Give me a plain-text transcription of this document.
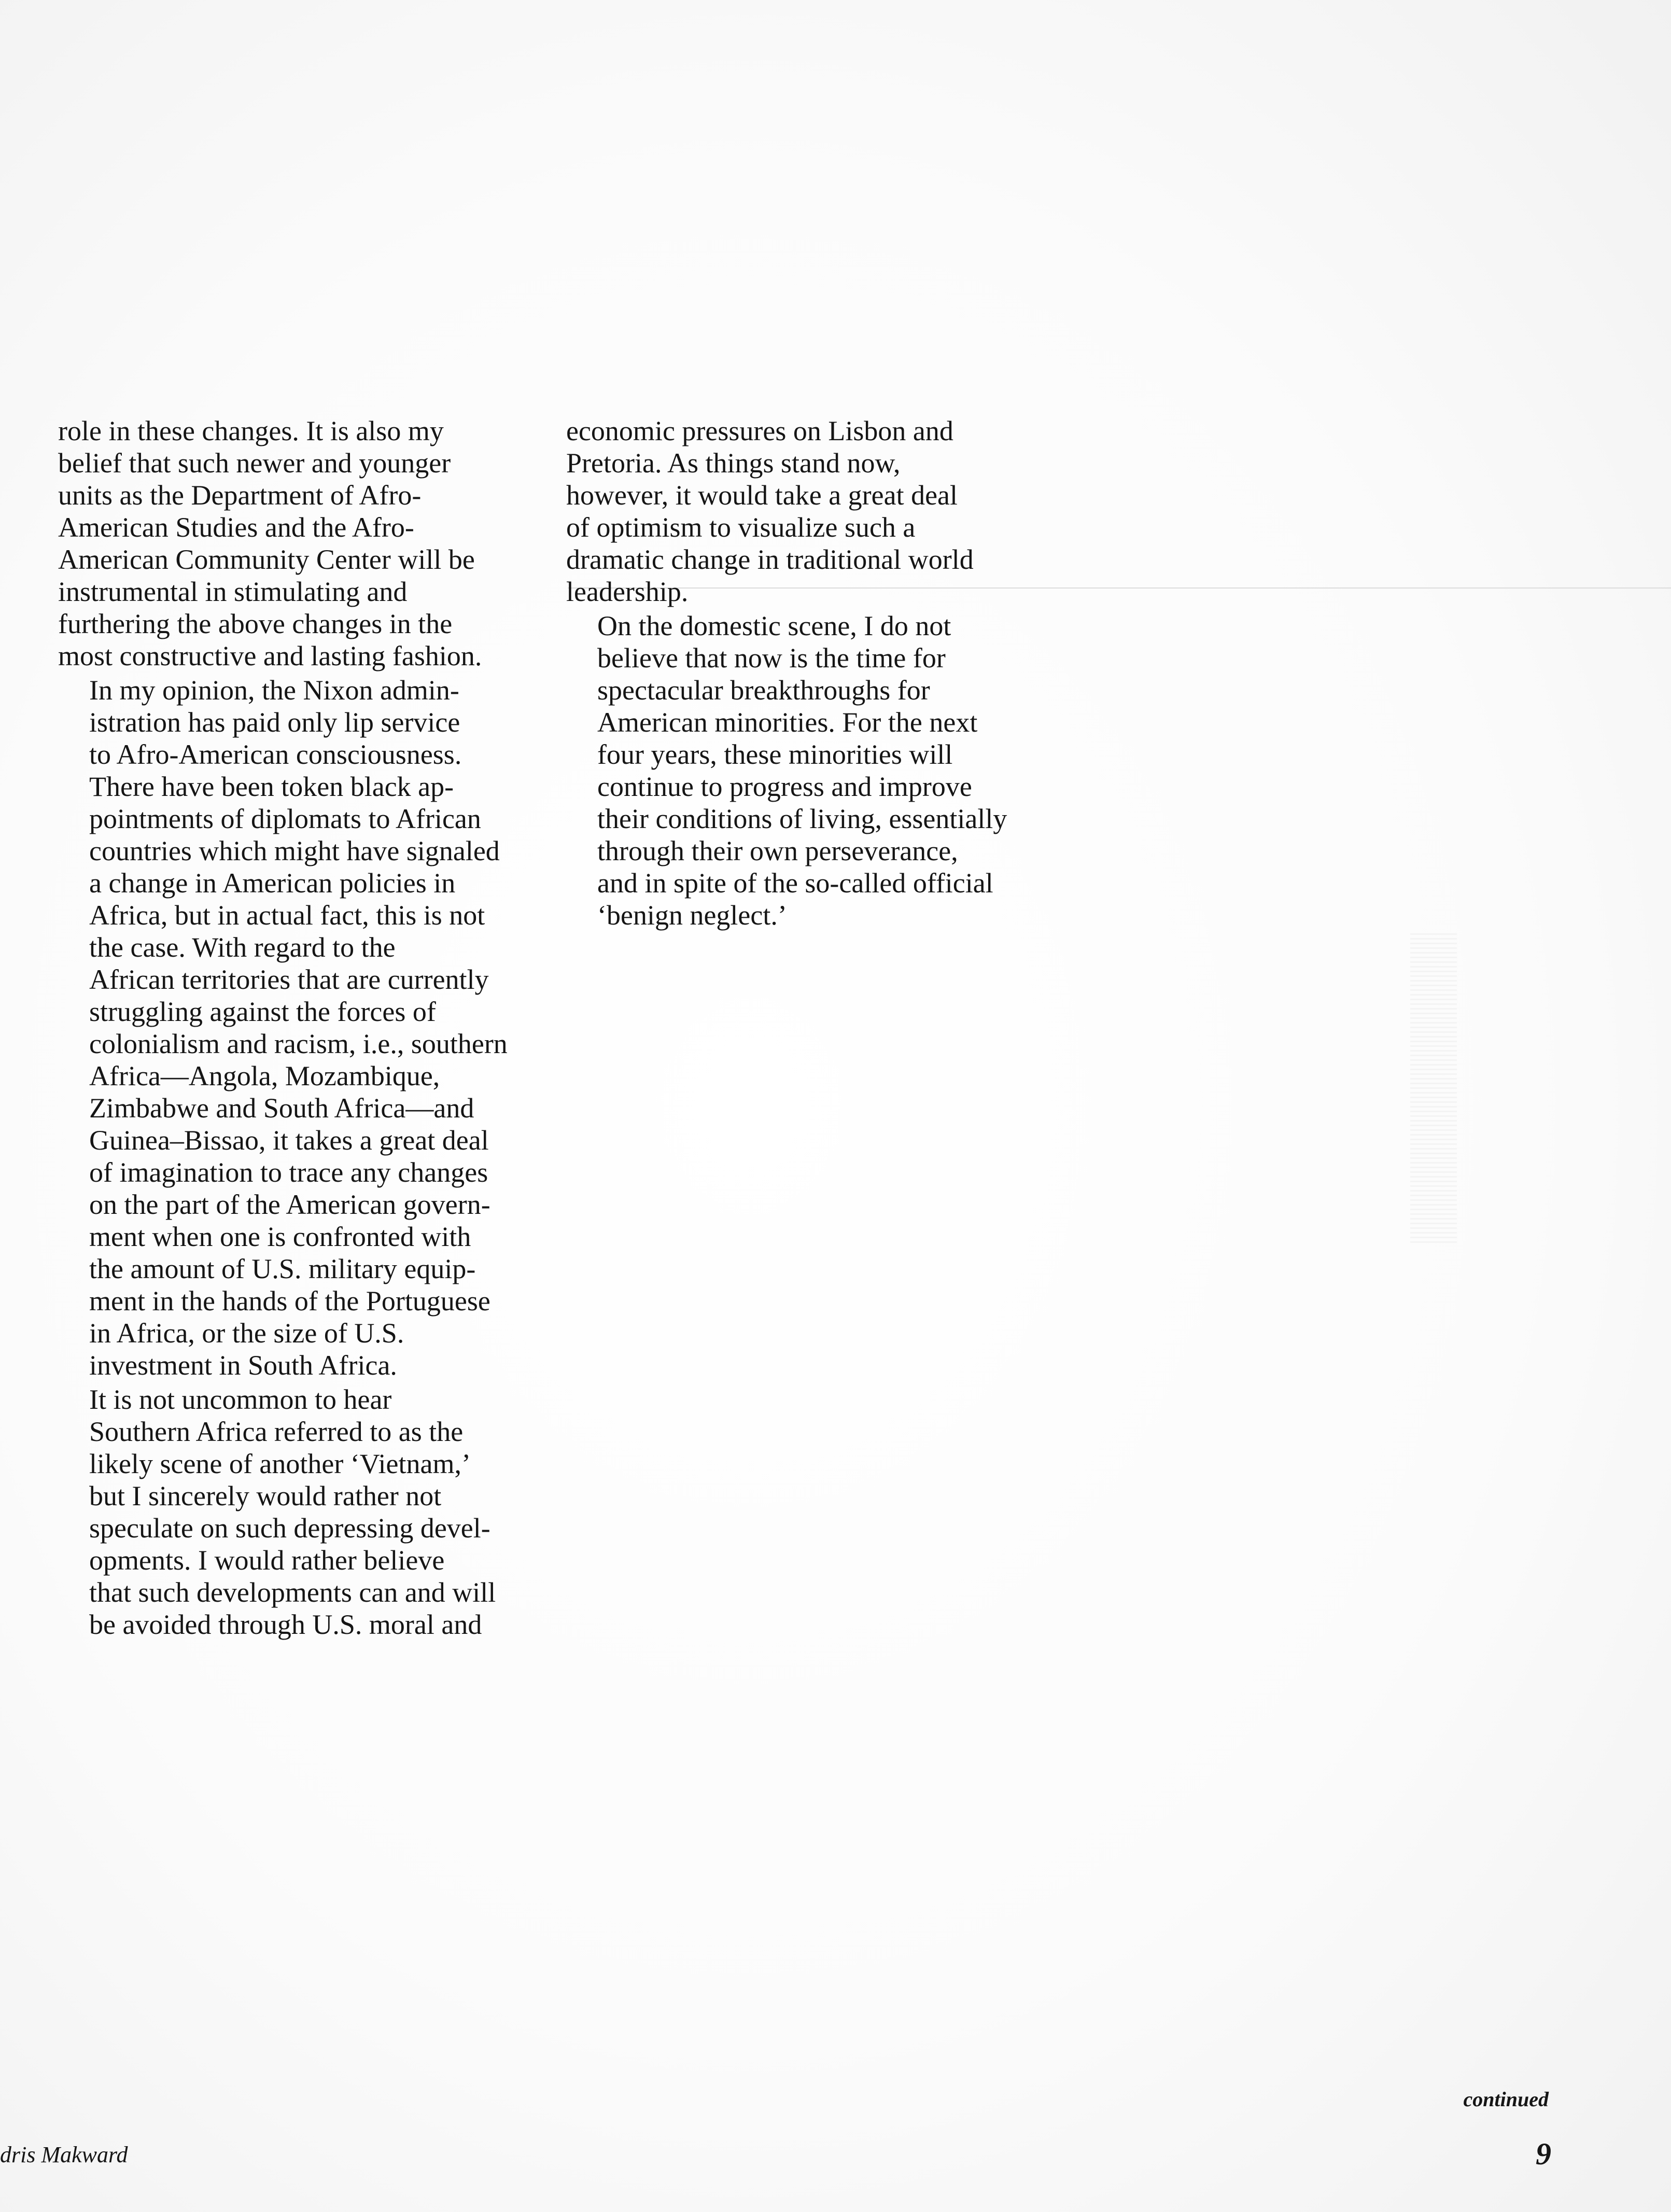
role in these changes. It is also my
belief that such newer and younger
units as the Department of Afro-
American Studies and the Afro-
American Community Center will be
instrumental in stimulating and
furthering the above changes in the
most constructive and lasting fashion.

In my opinion, the Nixon admin-
istration has paid only lip service
to Afro-American consciousness.
There have been token black ap-
pointments of diplomats to African
countries which might have signaled
a change in American policies in
Africa, but in actual fact, this is not
the case. With regard to the
African territories that are currently
struggling against the forces of
colonialism and racism, i.e., southern
Africa—Angola, Mozambique,
Zimbabwe and South Africa—and
Guinea–Bissao, it takes a great deal
of imagination to trace any changes
on the part of the American govern-
ment when one is confronted with
the amount of U.S. military equip-
ment in the hands of the Portuguese
in Africa, or the size of U.S.
investment in South Africa.

It is not uncommon to hear
Southern Africa referred to as the
likely scene of another ‘Vietnam,’
but I sincerely would rather not
speculate on such depressing devel-
opments. I would rather believe
that such developments can and will
be avoided through U.S. moral and

economic pressures on Lisbon and
Pretoria. As things stand now,
however, it would take a great deal
of optimism to visualize such a
dramatic change in traditional world
leadership.

On the domestic scene, I do not
believe that now is the time for
spectacular breakthroughs for
American minorities. For the next
four years, these minorities will
continue to progress and improve
their conditions of living, essentially
through their own perseverance,
and in spite of the so-called official
‘benign neglect.’

continued
9
dris Makward
